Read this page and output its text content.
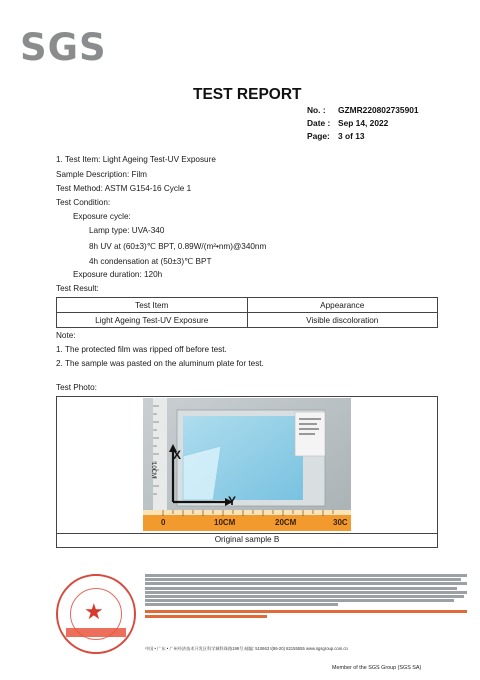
SGS
TEST REPORT
No. : GZMR220802735901
Date : Sep 14, 2022
Page: 3 of 13
1. Test Item: Light Ageing Test-UV Exposure
Sample Description: Film
Test Method: ASTM G154-16 Cycle 1
Test Condition:
Exposure cycle:
Lamp type: UVA-340
8h UV at (60±3)℃ BPT, 0.89W/(m²•nm)@340nm
4h condensation at (50±3)℃ BPT
Exposure duration: 120h
Test Result:
Test Item	Appearance
Light Ageing Test-UV Exposure	Visible discoloration
Note:
1. The protected film was ripped off before test.
2. The sample was pasted on the aluminum plate for test.
Test Photo:
X
Y
10CM
0	10CM	20CM	30C
Original sample B
★
中国 • 广东 • 广州经济技术开发区科学城科珠路198号 邮编: 510663 t(86-20) 82155555 www.sgsgroup.com.cn
Member of the SGS Group (SGS SA)
